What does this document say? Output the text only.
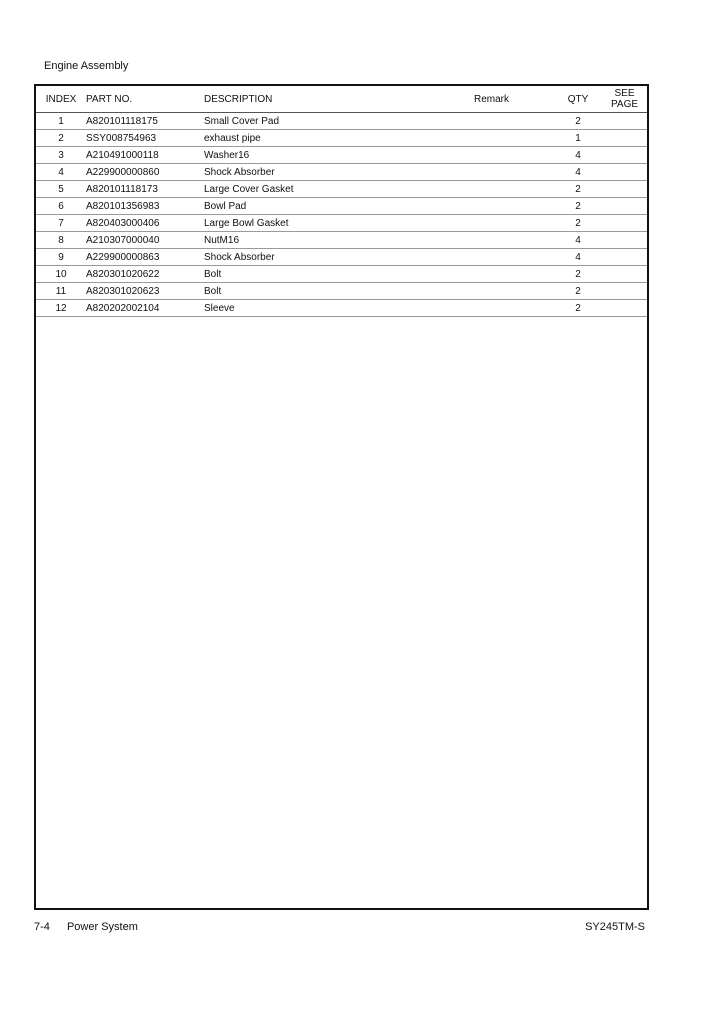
Engine Assembly
INDEX	PART NO.	DESCRIPTION	Remark	QTY	SEE
PAGE
1	A820101118175	Small Cover Pad		2	
2	SSY008754963	exhaust pipe		1	
3	A210491000118	Washer16		4	
4	A229900000860	Shock Absorber		4	
5	A820101118173	Large Cover Gasket		2	
6	A820101356983	Bowl Pad		2	
7	A820403000406	Large Bowl Gasket		2	
8	A210307000040	NutM16		4	
9	A229900000863	Shock Absorber		4	
10	A820301020622	Bolt		2	
11	A820301020623	Bolt		2	
12	A820202002104	Sleeve		2	
7-4 Power System	SY245TM-S
